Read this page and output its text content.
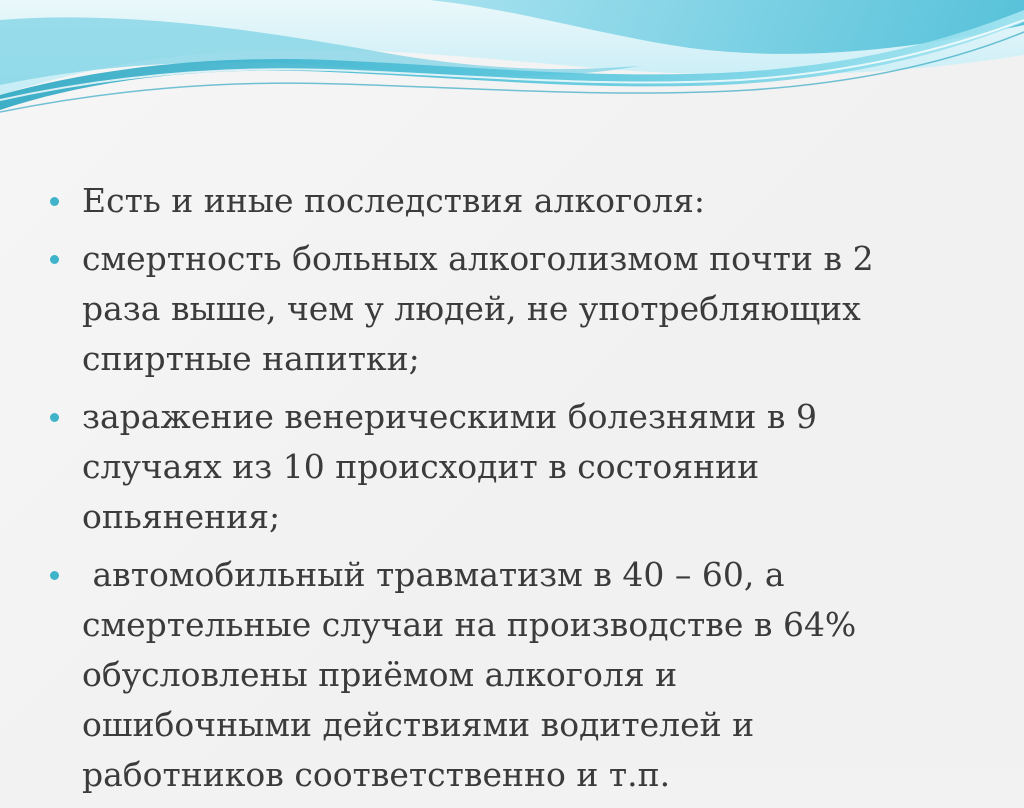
Есть и иные последствия алкоголя:
смертность больных алкоголизмом почти в 2
раза выше, чем у людей, не употребляющих
спиртные напитки;
заражение венерическими болезнями в 9
случаях из 10 происходит в состоянии
опьянения;
автомобильный травматизм в 40 – 60, а
смертельные случаи на производстве в 64%
обусловлены приёмом алкоголя и
ошибочными действиями водителей и
работников соответственно и т.п.
